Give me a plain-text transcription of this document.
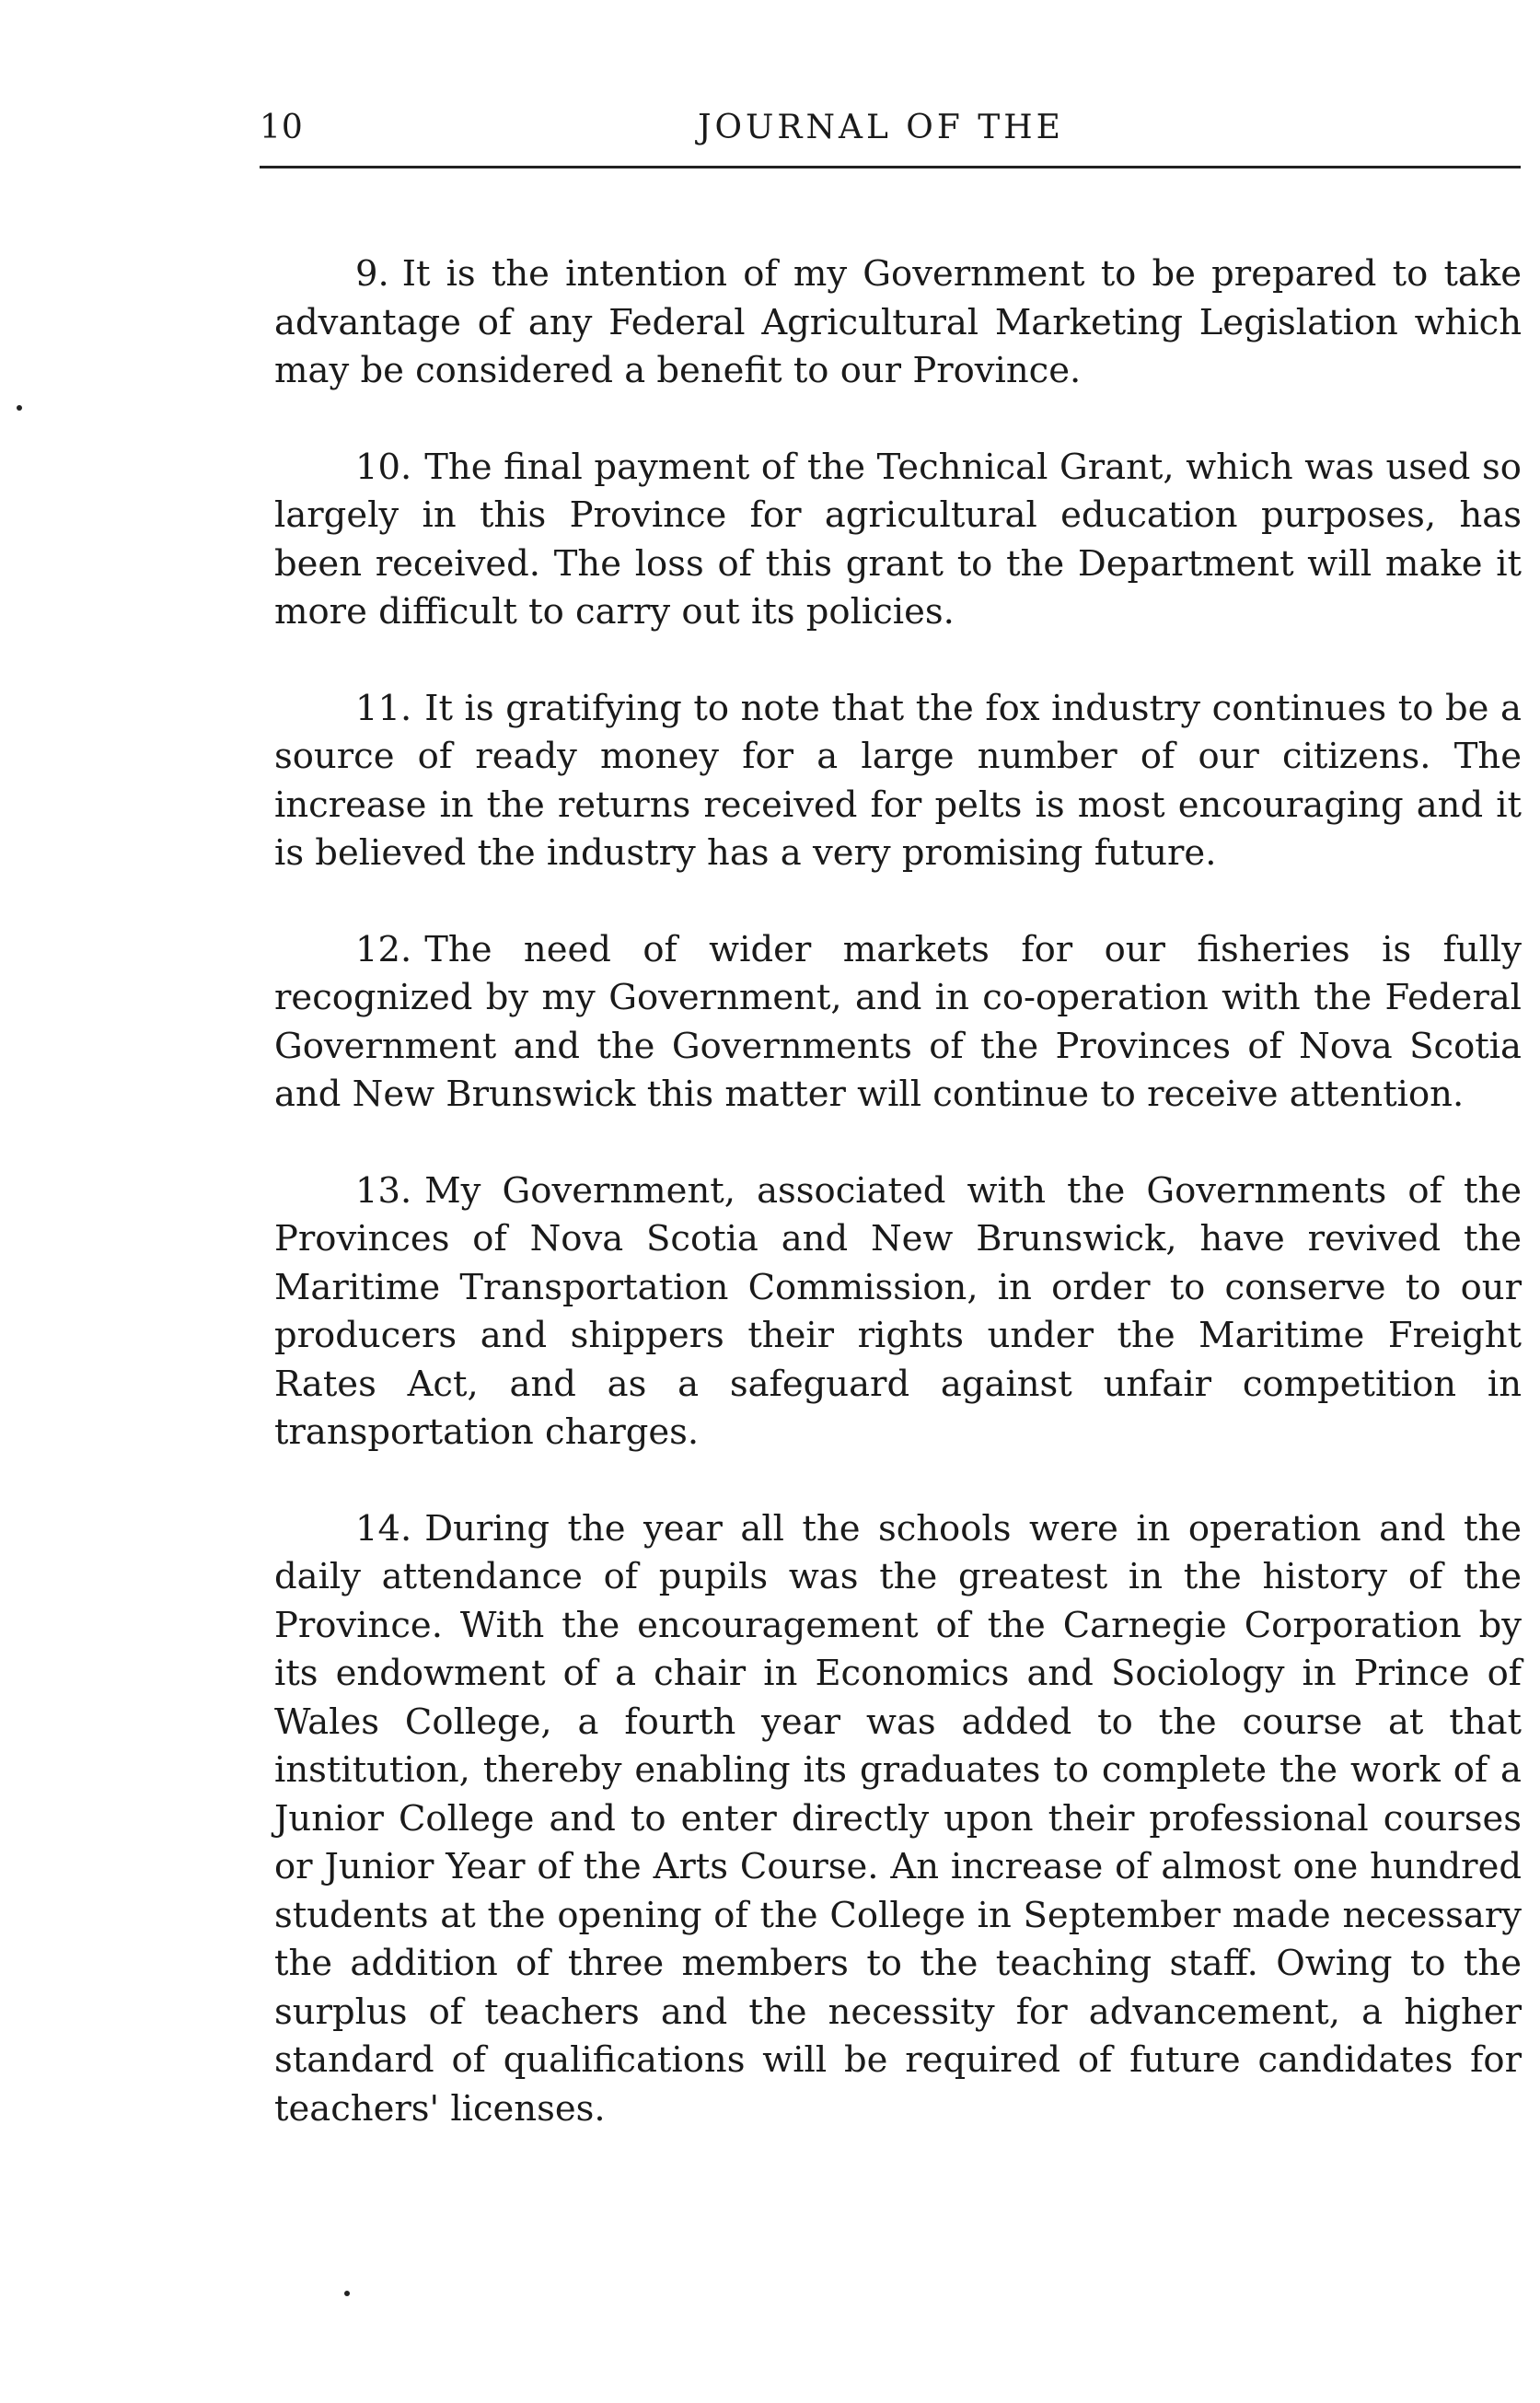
10	JOURNAL OF THE

9. It is the intention of my Government to be prepared to take advantage of any Federal Agricultural Marketing Legislation which may be considered a benefit to our Province.

10. The final payment of the Technical Grant, which was used so largely in this Province for agricultural education purposes, has been received. The loss of this grant to the Department will make it more difficult to carry out its policies.

11. It is gratifying to note that the fox industry continues to be a source of ready money for a large number of our citizens. The increase in the returns received for pelts is most encouraging and it is believed the industry has a very promising future.

12. The need of wider markets for our fisheries is fully recognized by my Government, and in co-operation with the Federal Government and the Governments of the Provinces of Nova Scotia and New Brunswick this matter will continue to receive attention.

13. My Government, associated with the Governments of the Provinces of Nova Scotia and New Brunswick, have revived the Maritime Transportation Commission, in order to conserve to our producers and shippers their rights under the Maritime Freight Rates Act, and as a safeguard against unfair competition in transportation charges.

14. During the year all the schools were in operation and the daily attendance of pupils was the greatest in the history of the Province. With the encouragement of the Carnegie Corporation by its endowment of a chair in Economics and Sociology in Prince of Wales College, a fourth year was added to the course at that institution, thereby enabling its graduates to complete the work of a Junior College and to enter directly upon their professional courses or Junior Year of the Arts Course. An increase of almost one hundred students at the opening of the College in September made necessary the addition of three members to the teaching staff. Owing to the surplus of teachers and the necessity for advancement, a higher standard of qualifications will be required of future candidates for teachers' licenses.
